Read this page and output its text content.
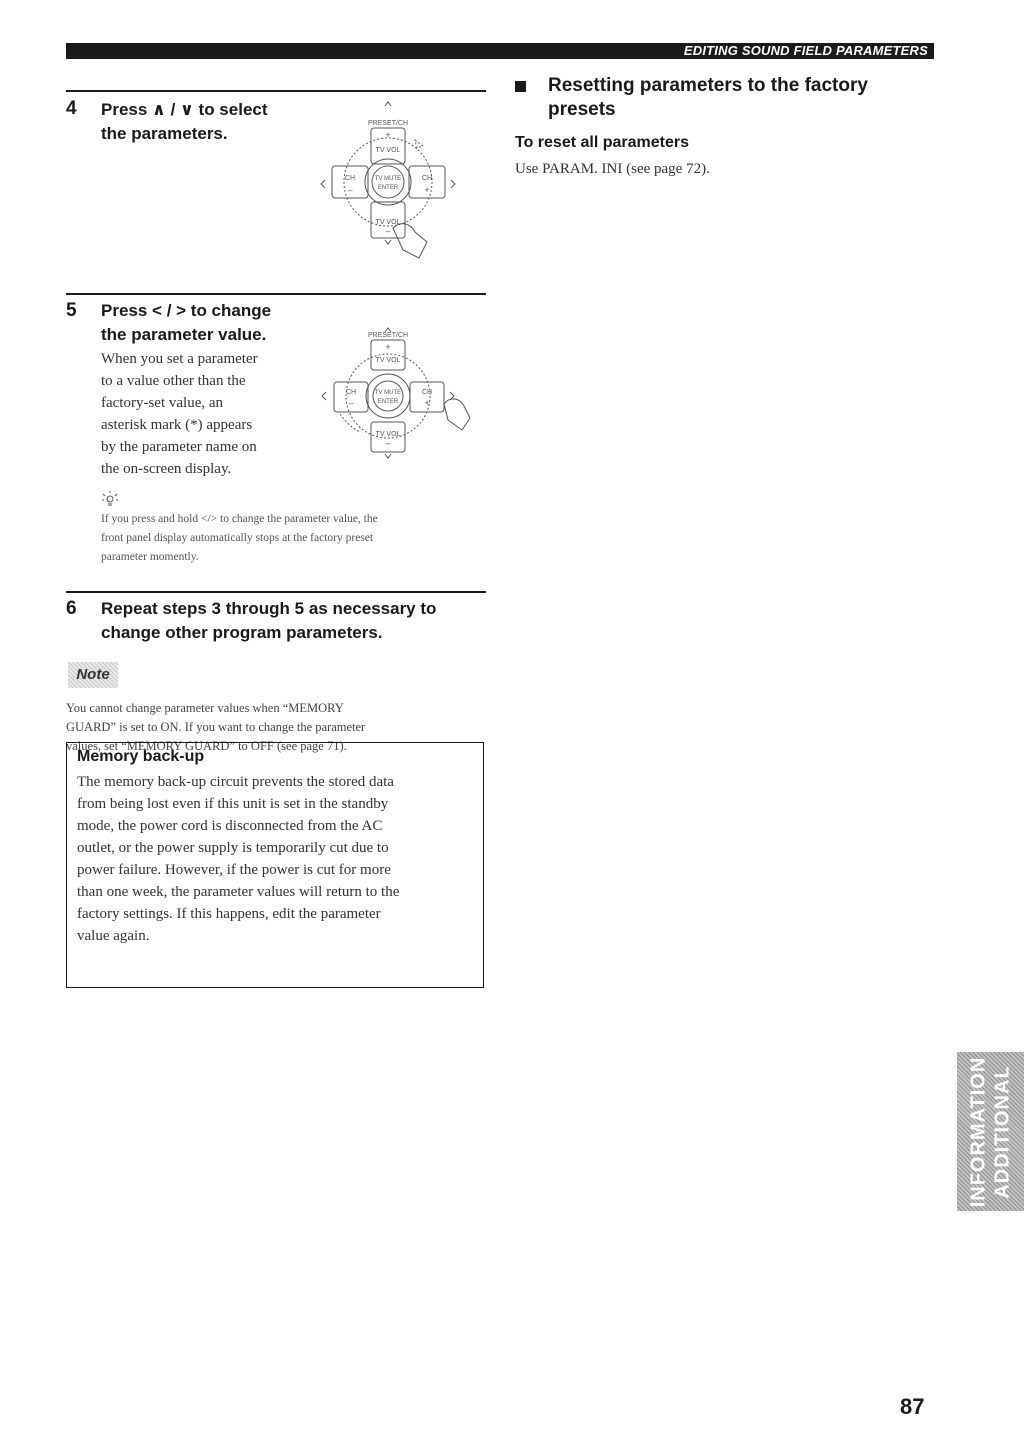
EDITING SOUND FIELD PARAMETERS
4 Press ∧ / ∨ to select
the parameters.
PRESET/CH
+
TV VOL
CH
–
CH
+
TV MUTE
ENTER
TV VOL
–
5 Press < / > to change
the parameter value.
When you set a parameter
to a value other than the
factory-set value, an
asterisk mark (*) appears
by the parameter name on
the on-screen display.
PRESET/CH
+
TV VOL
CH
–
CH
+
TV MUTE
ENTER
TV VOL
–
If you press and hold </> to change the parameter value, the
front panel display automatically stops at the factory preset
parameter momently.
6 Repeat steps 3 through 5 as necessary to
change other program parameters.
Note
You cannot change parameter values when “MEMORY
GUARD” is set to ON. If you want to change the parameter
values, set “MEMORY GUARD” to OFF (see page 71).
Memory back-up
The memory back-up circuit prevents the stored data
from being lost even if this unit is set in the standby
mode, the power cord is disconnected from the AC
outlet, or the power supply is temporarily cut due to
power failure. However, if the power is cut for more
than one week, the parameter values will return to the
factory settings. If this happens, edit the parameter
value again.
Resetting parameters to the factory
presets
To reset all parameters
Use PARAM. INI (see page 72).
ADDITIONAL
INFORMATION
87
